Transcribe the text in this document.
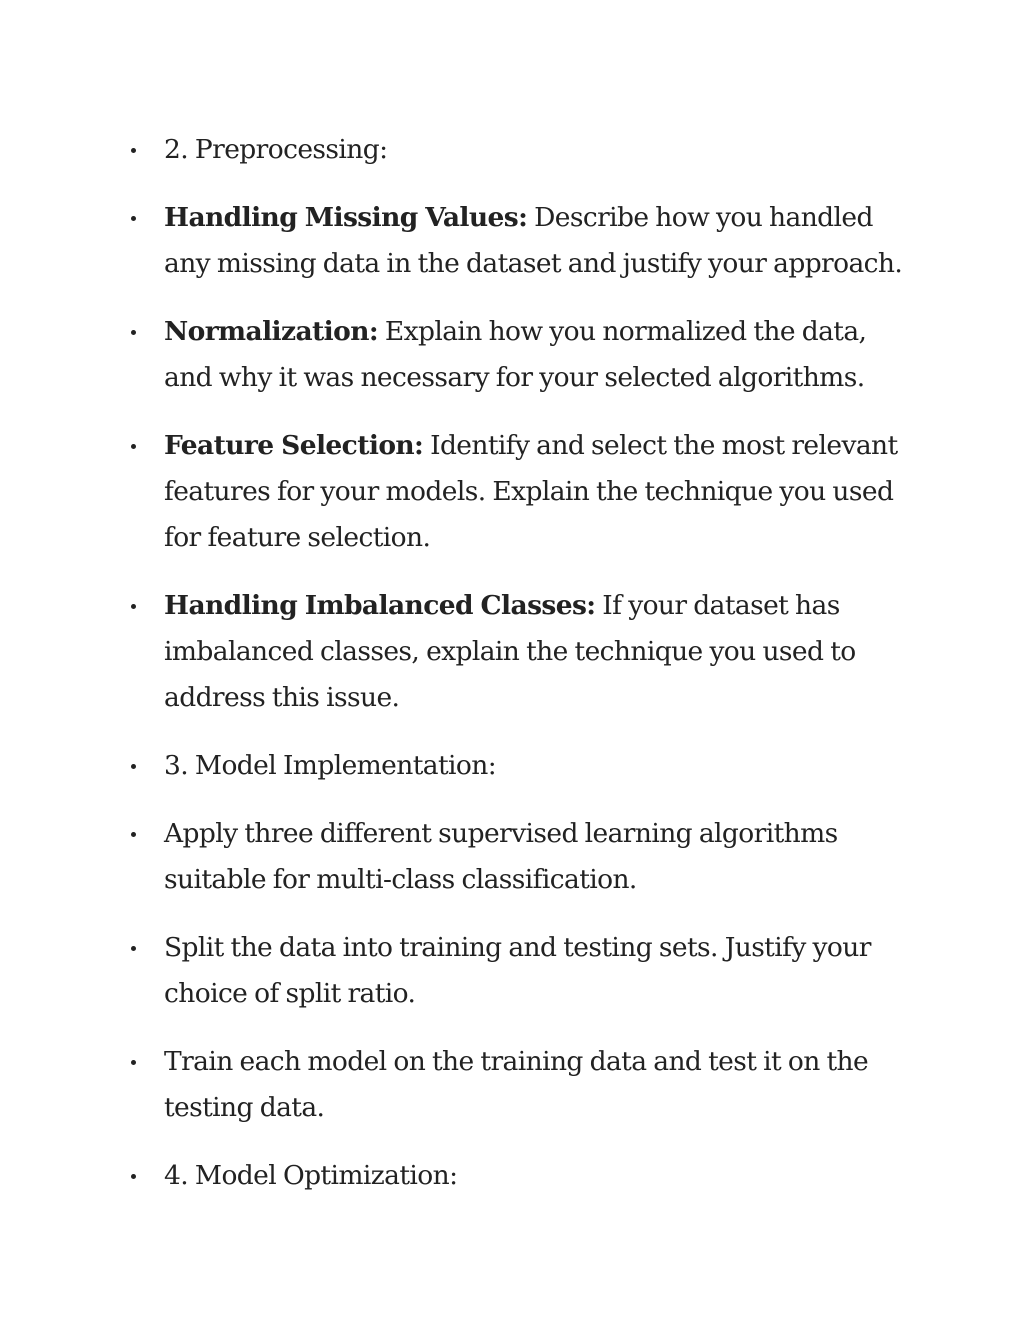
2. Preprocessing:
Handling Missing Values: Describe how you handled any missing data in the dataset and justify your approach.
Normalization: Explain how you normalized the data, and why it was necessary for your selected algorithms.
Feature Selection: Identify and select the most relevant features for your models. Explain the technique you used for feature selection.
Handling Imbalanced Classes: If your dataset has imbalanced classes, explain the technique you used to address this issue.
3. Model Implementation:
Apply three different supervised learning algorithms suitable for multi-class classification.
Split the data into training and testing sets. Justify your choice of split ratio.
Train each model on the training data and test it on the testing data.
4. Model Optimization:
